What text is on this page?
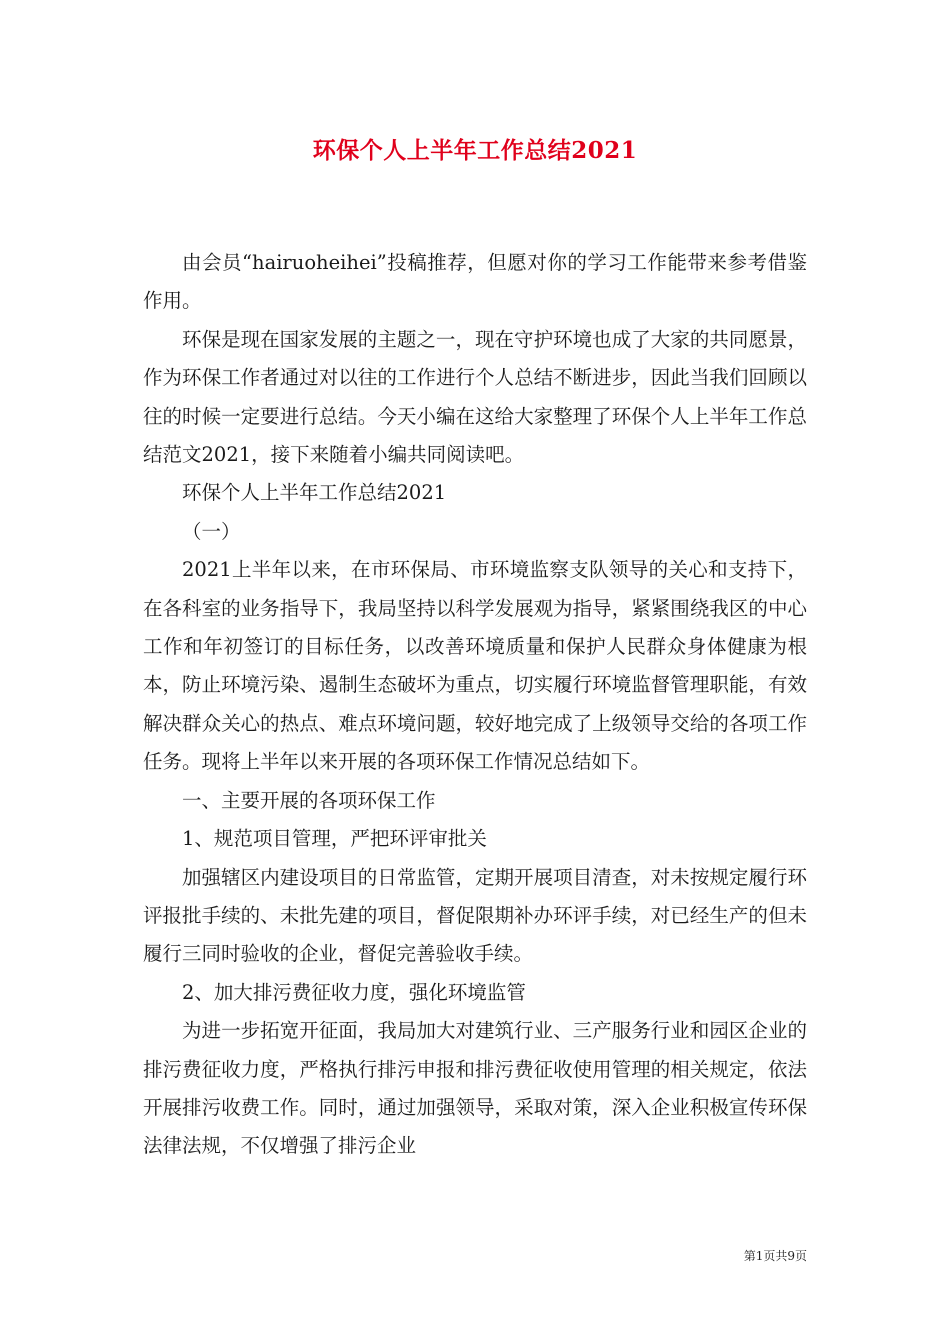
环保个人上半年工作总结2021

由会员“hairuoheihei”投稿推荐，但愿对你的学习工作能带来参考借鉴作用。

环保是现在国家发展的主题之一，现在守护环境也成了大家的共同愿景，作为环保工作者通过对以往的工作进行个人总结不断进步，因此当我们回顾以往的时候一定要进行总结。今天小编在这给大家整理了环保个人上半年工作总结范文2021，接下来随着小编共同阅读吧。

环保个人上半年工作总结2021

（一）

2021上半年以来，在市环保局、市环境监察支队领导的关心和支持下，在各科室的业务指导下，我局坚持以科学发展观为指导，紧紧围绕我区的中心工作和年初签订的目标任务，以改善环境质量和保护人民群众身体健康为根本，防止环境污染、遏制生态破坏为重点，切实履行环境监督管理职能，有效解决群众关心的热点、难点环境问题，较好地完成了上级领导交给的各项工作任务。现将上半年以来开展的各项环保工作情况总结如下。

一、主要开展的各项环保工作

1、规范项目管理，严把环评审批关

加强辖区内建设项目的日常监管，定期开展项目清查，对未按规定履行环评报批手续的、未批先建的项目，督促限期补办环评手续，对已经生产的但未履行三同时验收的企业，督促完善验收手续。

2、加大排污费征收力度，强化环境监管

为进一步拓宽开征面，我局加大对建筑行业、三产服务行业和园区企业的排污费征收力度，严格执行排污申报和排污费征收使用管理的相关规定，依法开展排污收费工作。同时，通过加强领导，采取对策，深入企业积极宣传环保法律法规，不仅增强了排污企业

第1页共9页
